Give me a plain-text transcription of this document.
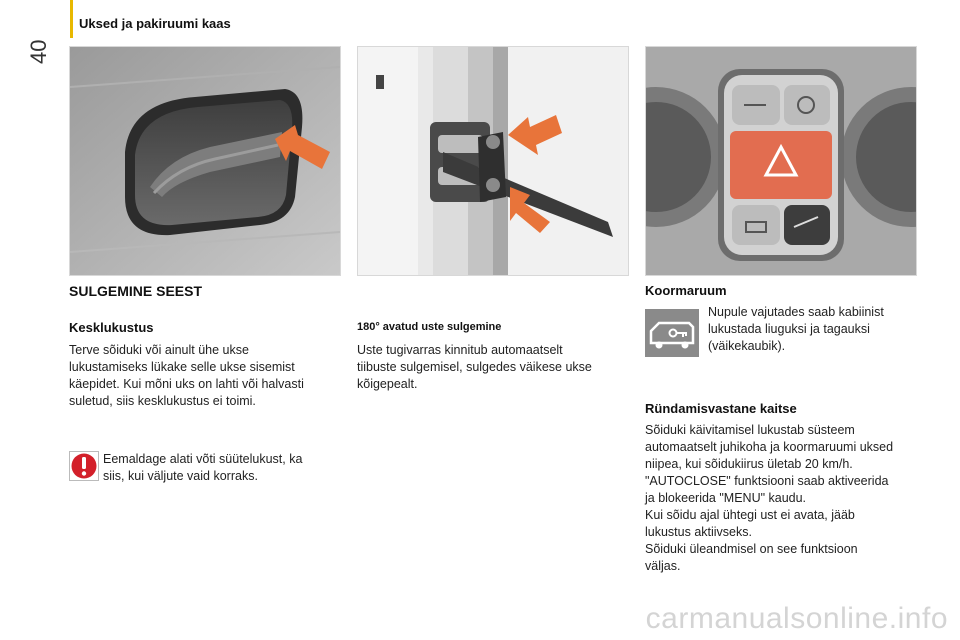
40
Uksed ja pakiruumi kaas
SULGEMINE SEEST
Kesklukustus
Terve sõiduki või ainult ühe ukse
lukustamiseks lükake selle ukse sisemist
käepidet. Kui mõni uks on lahti või halvasti
suletud, siis kesklukustus ei toimi.
Eemaldage alati võti süütelukust, ka
siis, kui väljute vaid korraks.
180° avatud uste sulgemine
Uste tugivarras kinnitub automaatselt
tiibuste sulgemisel, sulgedes väikese ukse
kõigepealt.
Koormaruum
Nupule vajutades saab kabiinist
lukustada liuguksi ja tagauksi
(väikekaubik).
Ründamisvastane kaitse
Sõiduki käivitamisel lukustab süsteem
automaatselt juhikoha ja koormaruumi uksed
niipea, kui sõidukiirus ületab 20 km/h.
"AUTOCLOSE" funktsiooni saab aktiveerida
ja blokeerida "MENU" kaudu.
Kui sõidu ajal ühtegi ust ei avata, jääb
lukustus aktiivseks.
Sõiduki üleandmisel on see funktsioon
väljas.
carmanualsonline.info
